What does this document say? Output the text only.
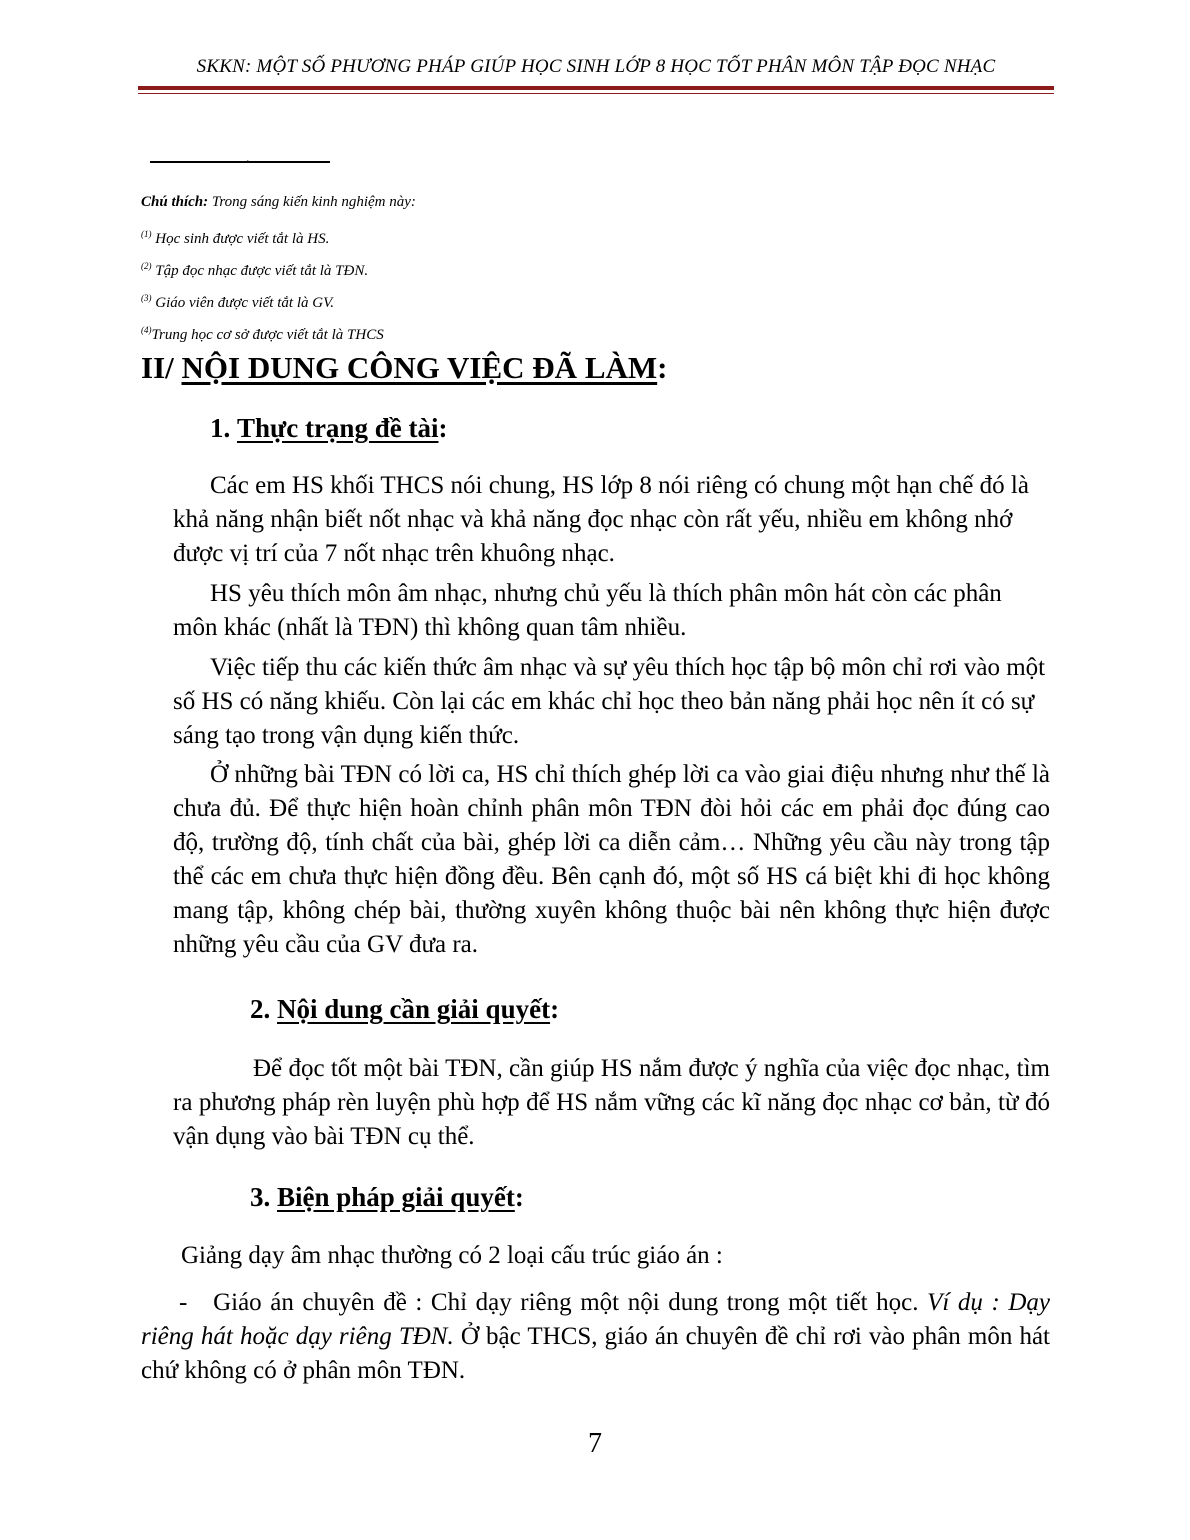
SKKN: MỘT SỐ PHƯƠNG PHÁP GIÚP HỌC SINH LỚP 8 HỌC TỐT PHÂN MÔN TẬP ĐỌC NHẠC
.
Chú thích: Trong sáng kiến kinh nghiệm này:
$^{(1)}$ Học sinh được viết tắt là HS.
$^{(2)}$ Tập đọc nhạc được viết tắt là TĐN.
$^{(3)}$ Giáo viên được viết tắt là GV.
$^{(4)}$Trung học cơ sở được viết tắt là THCS
II/ NỘI DUNG CÔNG VIỆC ĐÃ LÀM:
1. Thực trạng đề tài:

Các em HS khối THCS nói chung, HS lớp 8 nói riêng có chung một hạn chế đó là khả năng nhận biết nốt nhạc và khả năng đọc nhạc còn rất yếu, nhiều em không nhớ được vị trí của 7 nốt nhạc trên khuông nhạc.

HS yêu thích môn âm nhạc, nhưng chủ yếu là thích phân môn hát còn các phân môn khác (nhất là TĐN) thì không quan tâm nhiều.

Việc tiếp thu các kiến thức âm nhạc và sự yêu thích học tập bộ môn chỉ rơi vào một số HS có năng khiếu. Còn lại các em khác chỉ học theo bản năng phải học nên ít có sự sáng tạo trong vận dụng kiến thức.

Ở những bài TĐN có lời ca, HS chỉ thích ghép lời ca vào giai điệu nhưng như thế là chưa đủ. Để thực hiện hoàn chỉnh phân môn TĐN đòi hỏi các em phải đọc đúng cao độ, trường độ, tính chất của bài, ghép lời ca diễn cảm… Những yêu cầu này trong tập thể các em chưa thực hiện đồng đều. Bên cạnh đó, một số HS cá biệt khi đi học không mang tập, không chép bài, thường xuyên không thuộc bài nên không thực hiện được những yêu cầu của GV đưa ra.

2. Nội dung cần giải quyết:

Để đọc tốt một bài TĐN, cần giúp HS nắm được ý nghĩa của việc đọc nhạc, tìm ra phương pháp rèn luyện phù hợp để HS nắm vững các kĩ năng đọc nhạc cơ bản, từ đó vận dụng vào bài TĐN cụ thể.

3. Biện pháp giải quyết:

Giảng dạy âm nhạc thường có 2 loại cấu trúc giáo án :

- Giáo án chuyên đề : Chỉ dạy riêng một nội dung trong một tiết học. Ví dụ : Dạy riêng hát hoặc dạy riêng TĐN. Ở bậc THCS, giáo án chuyên đề chỉ rơi vào phân môn hát chứ không có ở phân môn TĐN.

7
